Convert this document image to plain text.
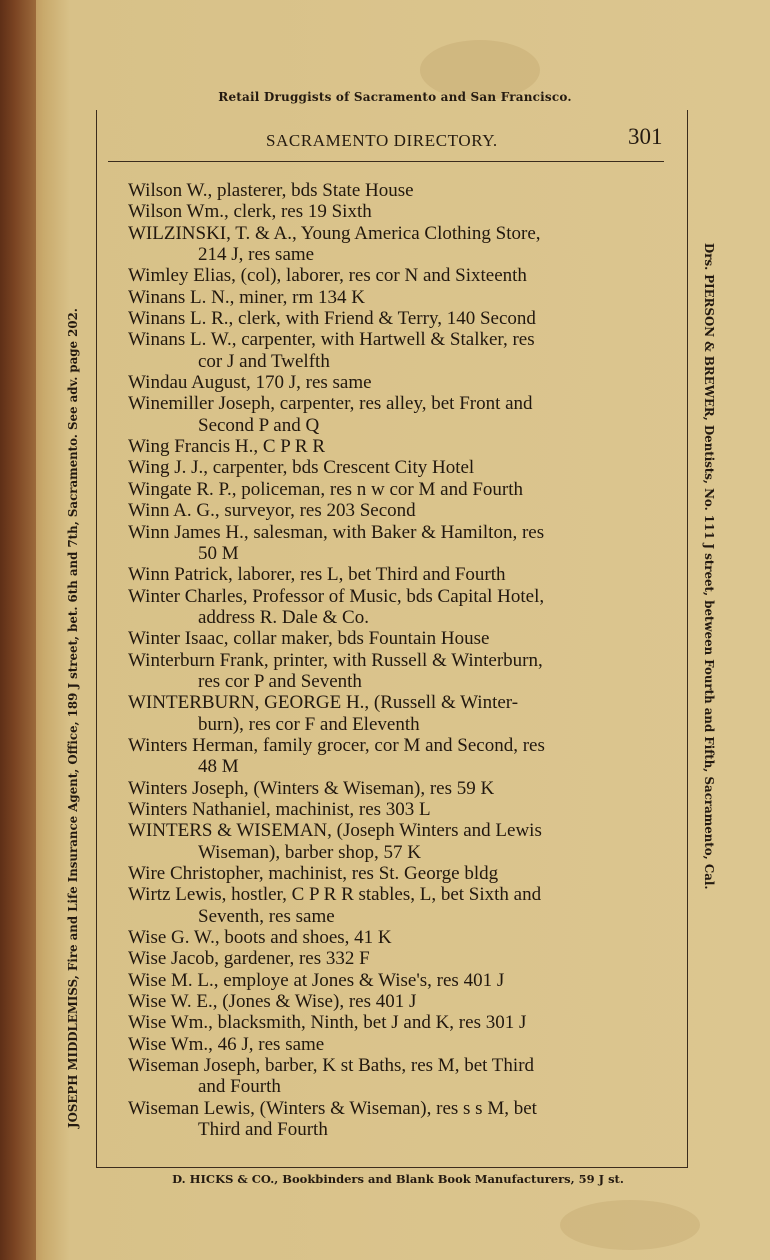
Retail Druggists of Sacramento and San Francisco.
JOSEPH MIDDLEMISS, Fire and Life Insurance Agent, Office, 189 J street, bet. 6th and 7th, Sacramento. See adv. page 202.	Drs. PIERSON & BREWER, Dentists, No. 111 J street, between Fourth and Fifth, Sacramento, Cal.
SACRAMENTO DIRECTORY.	301
Wilson W., plasterer, bds State House
Wilson Wm., clerk, res 19 Sixth
WILZINSKI, T. & A., Young America Clothing Store,
214 J, res same
Wimley Elias, (col), laborer, res cor N and Sixteenth
Winans L. N., miner, rm 134 K
Winans L. R., clerk, with Friend & Terry, 140 Second
Winans L. W., carpenter, with Hartwell & Stalker, res
cor J and Twelfth
Windau August, 170 J, res same
Winemiller Joseph, carpenter, res alley, bet Front and
Second P and Q
Wing Francis H., C P R R
Wing J. J., carpenter, bds Crescent City Hotel
Wingate R. P., policeman, res n w cor M and Fourth
Winn A. G., surveyor, res 203 Second
Winn James H., salesman, with Baker & Hamilton, res
50 M
Winn Patrick, laborer, res L, bet Third and Fourth
Winter Charles, Professor of Music, bds Capital Hotel,
address R. Dale & Co.
Winter Isaac, collar maker, bds Fountain House
Winterburn Frank, printer, with Russell & Winterburn,
res cor P and Seventh
WINTERBURN, GEORGE H., (Russell & Winter-
burn), res cor F and Eleventh
Winters Herman, family grocer, cor M and Second, res
48 M
Winters Joseph, (Winters & Wiseman), res 59 K
Winters Nathaniel, machinist, res 303 L
WINTERS & WISEMAN, (Joseph Winters and Lewis
Wiseman), barber shop, 57 K
Wire Christopher, machinist, res St. George bldg
Wirtz Lewis, hostler, C P R R stables, L, bet Sixth and
Seventh, res same
Wise G. W., boots and shoes, 41 K
Wise Jacob, gardener, res 332 F
Wise M. L., employe at Jones & Wise's, res 401 J
Wise W. E., (Jones & Wise), res 401 J
Wise Wm., blacksmith, Ninth, bet J and K, res 301 J
Wise Wm., 46 J, res same
Wiseman Joseph, barber, K st Baths, res M, bet Third
and Fourth
Wiseman Lewis, (Winters & Wiseman), res s s M, bet
Third and Fourth
D. HICKS & CO., Bookbinders and Blank Book Manufacturers, 59 J st.
